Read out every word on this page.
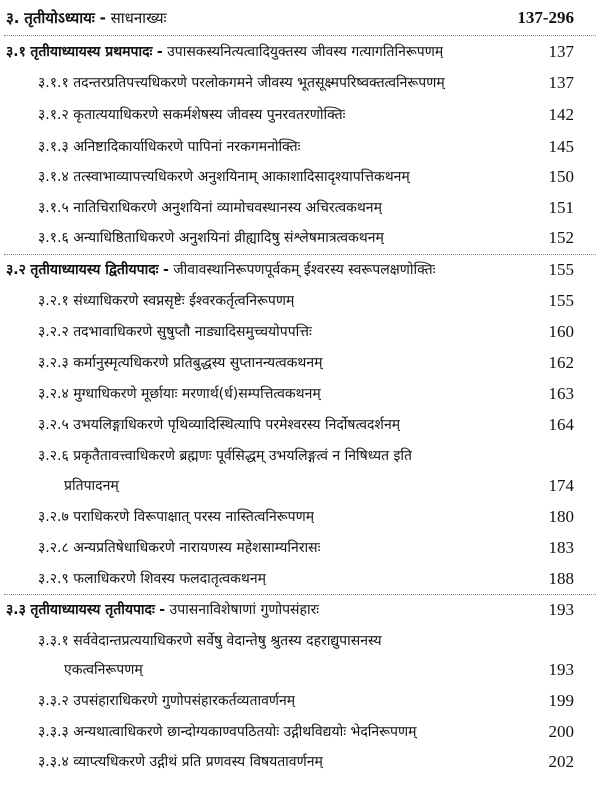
३. तृतीयोऽध्यायः - साधनाख्यः	137-296
३.१ तृतीयाध्यायस्य प्रथमपादः - उपासकस्यनित्यत्वादियुक्तस्य जीवस्य गत्यागतिनिरूपणम्	137
३.१.१ तदन्तरप्रतिपत्त्यधिकरणे परलोकगमने जीवस्य भूतसूक्ष्मपरिष्वक्तत्वनिरूपणम्	137
३.१.२ कृतात्ययाधिकरणे सकर्मशेषस्य जीवस्य पुनरवतरणोक्तिः	142
३.१.३ अनिष्टादिकार्याधिकरणे पापिनां नरकगमनोक्तिः	145
३.१.४ तत्स्वाभाव्यापत्त्यधिकरणे अनुशयिनाम् आकाशादिसादृश्यापत्तिकथनम्	150
३.१.५ नातिचिराधिकरणे अनुशयिनां व्यामोचवस्थानस्य अचिरत्वकथनम्	151
३.१.६ अन्याधिष्ठिताधिकरणे अनुशयिनां व्रीह्यादिषु संश्लेषमात्रत्वकथनम्	152
३.२ तृतीयाध्यायस्य द्वितीयपादः - जीवावस्थानिरूपणपूर्वकम् ईश्वरस्य स्वरूपलक्षणोक्तिः	155
३.२.१ संध्याधिकरणे स्वप्नसृष्टेः ईश्वरकर्तृत्वनिरूपणम्	155
३.२.२ तदभावाधिकरणे सुषुप्तौ नाड्यादिसमुच्चयोपपत्तिः	160
३.२.३ कर्मानुस्मृत्यधिकरणे प्रतिबुद्धस्य सुप्तानन्यत्वकथनम्	162
३.२.४ मुग्धाधिकरणे मूर्छायाः मरणार्थ(र्ध)सम्पत्तित्वकथनम्	163
३.२.५ उभयलिङ्गाधिकरणे पृथिव्यादिस्थित्यापि परमेश्वरस्य निर्दोषत्वदर्शनम्	164
३.२.६ प्रकृतैतावत्त्वाधिकरणे ब्रह्मणः पूर्वसिद्धम् उभयलिङ्गत्वं न निषिध्यत इति
प्रतिपादनम्	174
३.२.७ पराधिकरणे विरूपाक्षात् परस्य नास्तित्वनिरूपणम्	180
३.२.८ अन्यप्रतिषेधाधिकरणे नारायणस्य महेशसाम्यनिरासः	183
३.२.९ फलाधिकरणे शिवस्य फलदातृत्वकथनम्	188
३.३ तृतीयाध्यायस्य तृतीयपादः - उपासनाविशेषाणां गुणोपसंहारः	193
३.३.१ सर्ववेदान्तप्रत्ययाधिकरणे सर्वेषु वेदान्तेषु श्रुतस्य दहराद्युपासनस्य
एकत्वनिरूपणम्	193
३.३.२ उपसंहाराधिकरणे गुणोपसंहारकर्तव्यतावर्णनम्	199
३.३.३ अन्यथात्वाधिकरणे छान्दोग्यकाण्वपठितयोः उद्गीथविद्ययोः भेदनिरूपणम्	200
३.३.४ व्याप्त्यधिकरणे उद्गीथं प्रति प्रणवस्य विषयतावर्णनम्	202
